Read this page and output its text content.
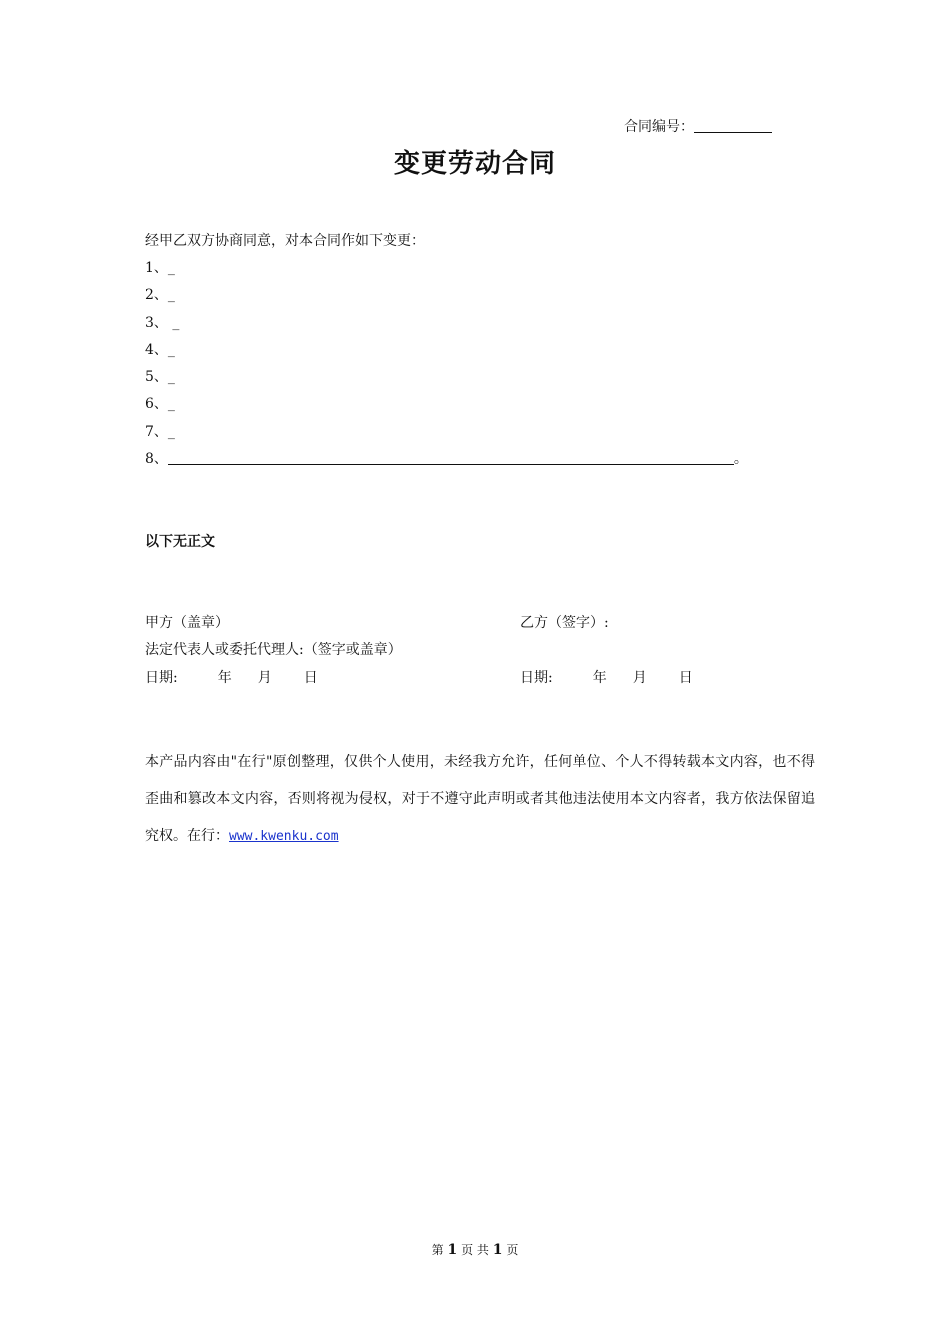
合同编号：
变更劳动合同
经甲乙双方协商同意，对本合同作如下变更：
1、_
2、_
3、 _
4、_
5、_
6、_
7、_
8、	。
以下无正文
甲方（盖章）
法定代表人或委托代理人:（签字或盖章）
日期:	年 月 日
乙方（签字）:
日期:	年 月 日
本产品内容由"在行"原创整理，仅供个人使用，未经我方允许，任何单位、个人不得转载本文内容，也不得歪曲和篡改本文内容，否则将视为侵权，对于不遵守此声明或者其他违法使用本文内容者，我方依法保留追究权。在行：www.kwenku.com
第 1 页 共 1 页
